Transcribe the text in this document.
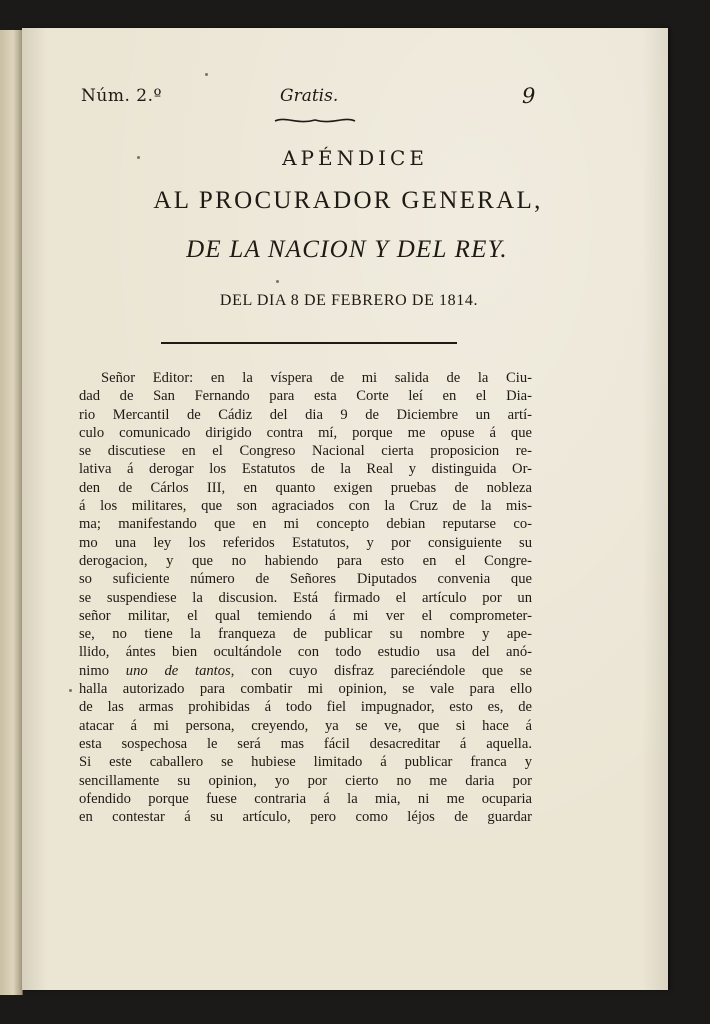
Núm. 2.º	Gratis.	9
APÉNDICE
AL PROCURADOR GENERAL,
DE LA NACION Y DEL REY.
DEL DIA 8 DE FEBRERO DE 1814.
Señor Editor: en la víspera de mi salida de la Ciu-
dad de San Fernando para esta Corte leí en el Dia-
rio Mercantil de Cádiz del dia 9 de Diciembre un artí-
culo comunicado dirigido contra mí, porque me opuse á que
se discutiese en el Congreso Nacional cierta proposicion re-
lativa á derogar los Estatutos de la Real y distinguida Or-
den de Cárlos III, en quanto exigen pruebas de nobleza
á los militares, que son agraciados con la Cruz de la mis-
ma; manifestando que en mi concepto debian reputarse co-
mo una ley los referidos Estatutos, y por consiguiente su
derogacion, y que no habiendo para esto en el Congre-
so suficiente número de Señores Diputados convenia que
se suspendiese la discusion. Está firmado el artículo por un
señor militar, el qual temiendo á mi ver el comprometer-
se, no tiene la franqueza de publicar su nombre y ape-
llido, ántes bien ocultándole con todo estudio usa del anó-
nimo uno de tantos, con cuyo disfraz pareciéndole que se
halla autorizado para combatir mi opinion, se vale para ello
de las armas prohibidas á todo fiel impugnador, esto es, de
atacar á mi persona, creyendo, ya se ve, que si hace á
esta sospechosa le será mas fácil desacreditar á aquella.
Si este caballero se hubiese limitado á publicar franca y
sencillamente su opinion, yo por cierto no me daria por
ofendido porque fuese contraria á la mia, ni me ocuparia
en contestar á su artículo, pero como léjos de guardar
